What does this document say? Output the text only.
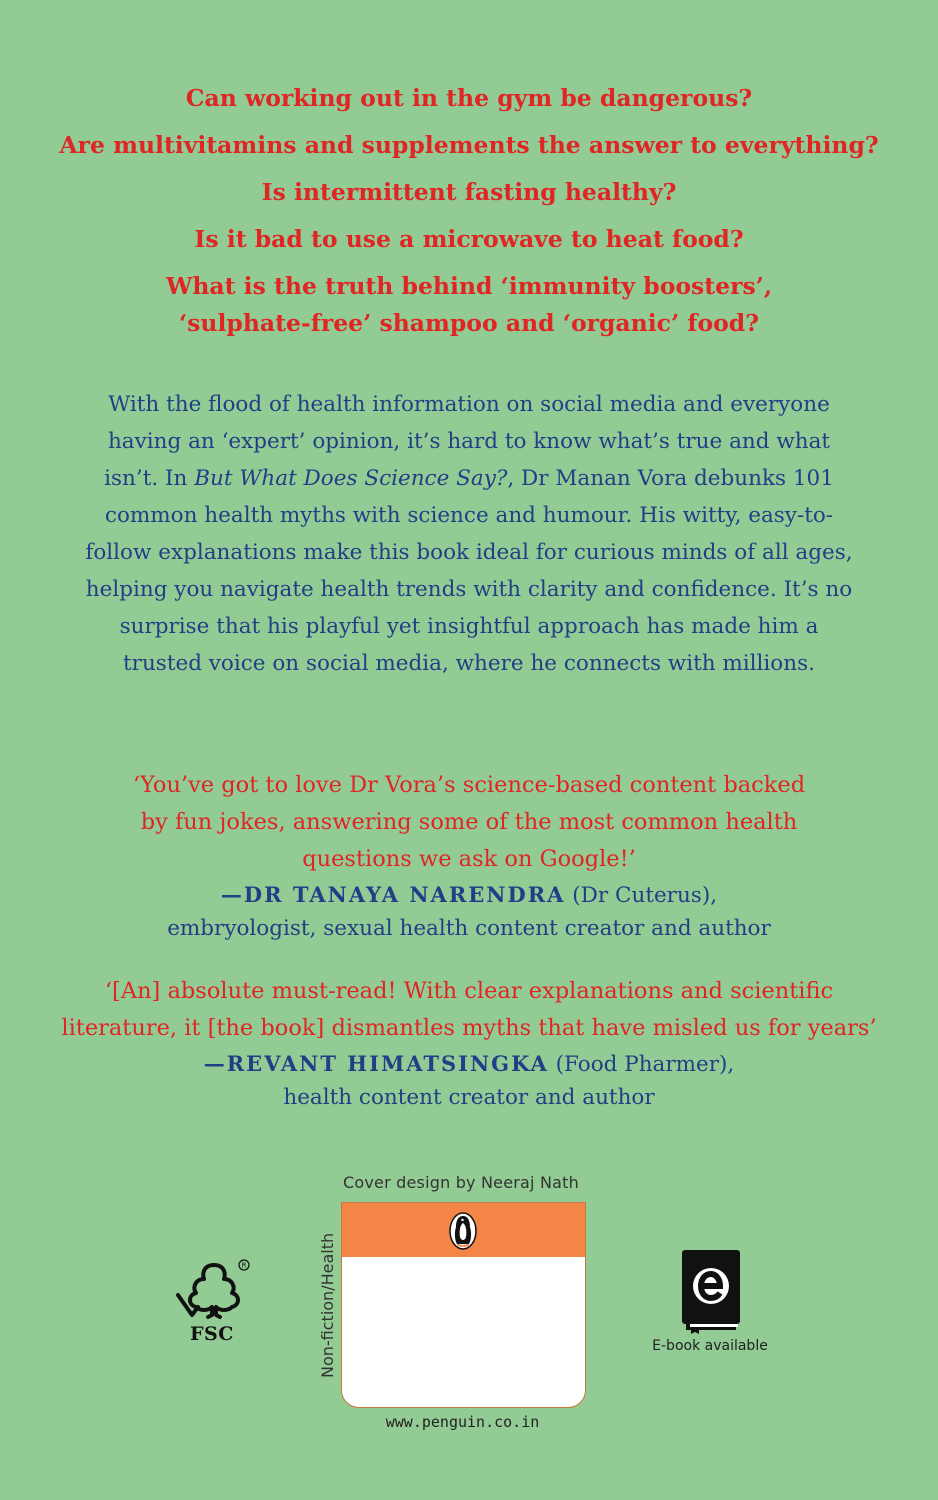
Can working out in the gym be dangerous?

Are multivitamins and supplements the answer to everything?

Is intermittent fasting healthy?

Is it bad to use a microwave to heat food?

What is the truth behind ‘immunity boosters’, ‘sulphate-free’ shampoo and ‘organic’ food?

With the flood of health information on social media and everyone having an ‘expert’ opinion, it’s hard to know what’s true and what isn’t. In But What Does Science Say?, Dr Manan Vora debunks 101 common health myths with science and humour. His witty, easy-to-follow explanations make this book ideal for curious minds of all ages, helping you navigate health trends with clarity and confidence. It’s no surprise that his playful yet insightful approach has made him a trusted voice on social media, where he connects with millions.

‘You’ve got to love Dr Vora’s science-based content backed by fun jokes, answering some of the most common health questions we ask on Google!’

—DR TANAYA NARENDRA (Dr Cuterus),

embryologist, sexual health content creator and author

‘[An] absolute must-read! With clear explanations and scientific literature, it [the book] dismantles myths that have misled us for years’

—REVANT HIMATSINGKA (Food Pharmer),

health content creator and author

R
FSC
Cover design by Neeraj Nath
Non-fiction/Health
www.penguin.co.in
E-book available
